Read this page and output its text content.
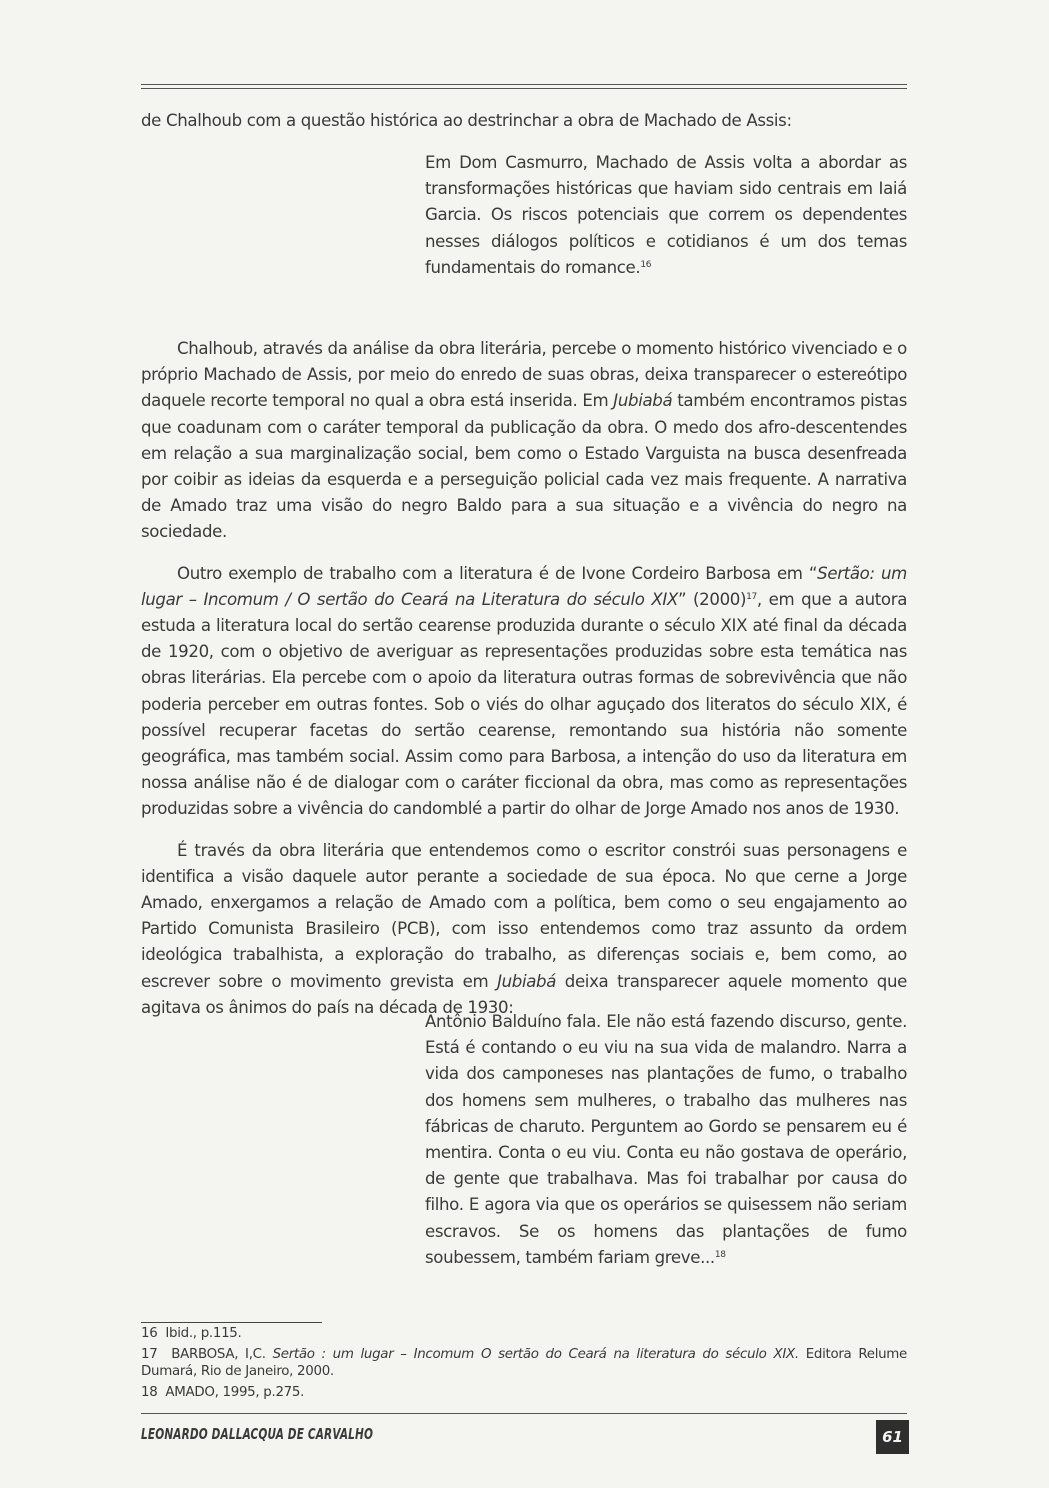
de Chalhoub com a questão histórica ao destrinchar a obra de Machado de Assis:

Em Dom Casmurro, Machado de Assis volta a abordar as transformações históricas que haviam sido centrais em Iaiá Garcia. Os riscos potenciais que correm os dependentes nesses diálogos políticos e cotidianos é um dos temas fundamentais do romance.$^{16}$

Chalhoub, através da análise da obra literária, percebe o momento histórico vivenciado e o próprio Machado de Assis, por meio do enredo de suas obras, deixa transparecer o estereótipo daquele recorte temporal no qual a obra está inserida. Em Jubiabá também encontramos pistas que coadunam com o caráter temporal da publicação da obra. O medo dos afro-descentendes em relação a sua marginalização social, bem como o Estado Varguista na busca desenfreada por coibir as ideias da esquerda e a perseguição policial cada vez mais frequente. A narrativa de Amado traz uma visão do negro Baldo para a sua situação e a vivência do negro na sociedade.

Outro exemplo de trabalho com a literatura é de Ivone Cordeiro Barbosa em “Sertão: um lugar – Incomum / O sertão do Ceará na Literatura do século XIX” $(2000)^{17}$, em que a autora estuda a literatura local do sertão cearense produzida durante o século XIX até final da década de 1920, com o objetivo de averiguar as representações produzidas sobre esta temática nas obras literárias. Ela percebe com o apoio da literatura outras formas de sobrevivência que não poderia perceber em outras fontes. Sob o viés do olhar aguçado dos literatos do século XIX, é possível recuperar facetas do sertão cearense, remontando sua história não somente geográfica, mas também social. Assim como para Barbosa, a intenção do uso da literatura em nossa análise não é de dialogar com o caráter ficcional da obra, mas como as representações produzidas sobre a vivência do candomblé a partir do olhar de Jorge Amado nos anos de 1930.

É través da obra literária que entendemos como o escritor constrói suas personagens e identifica a visão daquele autor perante a sociedade de sua época. No que cerne a Jorge Amado, enxergamos a relação de Amado com a política, bem como o seu engajamento ao Partido Comunista Brasileiro (PCB), com isso entendemos como traz assunto da ordem ideológica trabalhista, a exploração do trabalho, as diferenças sociais e, bem como, ao escrever sobre o movimento grevista em Jubiabá deixa transparecer aquele momento que agitava os ânimos do país na década de 1930:

Antônio Balduíno fala. Ele não está fazendo discurso, gente. Está é contando o eu viu na sua vida de malandro. Narra a vida dos camponeses nas plantações de fumo, o trabalho dos homens sem mulheres, o trabalho das mulheres nas fábricas de charuto. Perguntem ao Gordo se pensarem eu é mentira. Conta o eu viu. Conta eu não gostava de operário, de gente que trabalhava. Mas foi trabalhar por causa do filho. E agora via que os operários se quisessem não seriam escravos. Se os homens das plantações de fumo soubessem, também fariam greve...$^{18}$

16 Ibid., p.115.

17 BARBOSA, I,C. Sertão : um lugar – Incomum O sertão do Ceará na literatura do século XIX. Editora Relume Dumará, Rio de Janeiro, 2000.

18 AMADO, 1995, p.275.

LEONARDO DALLACQUA DE CARVALHO	61
